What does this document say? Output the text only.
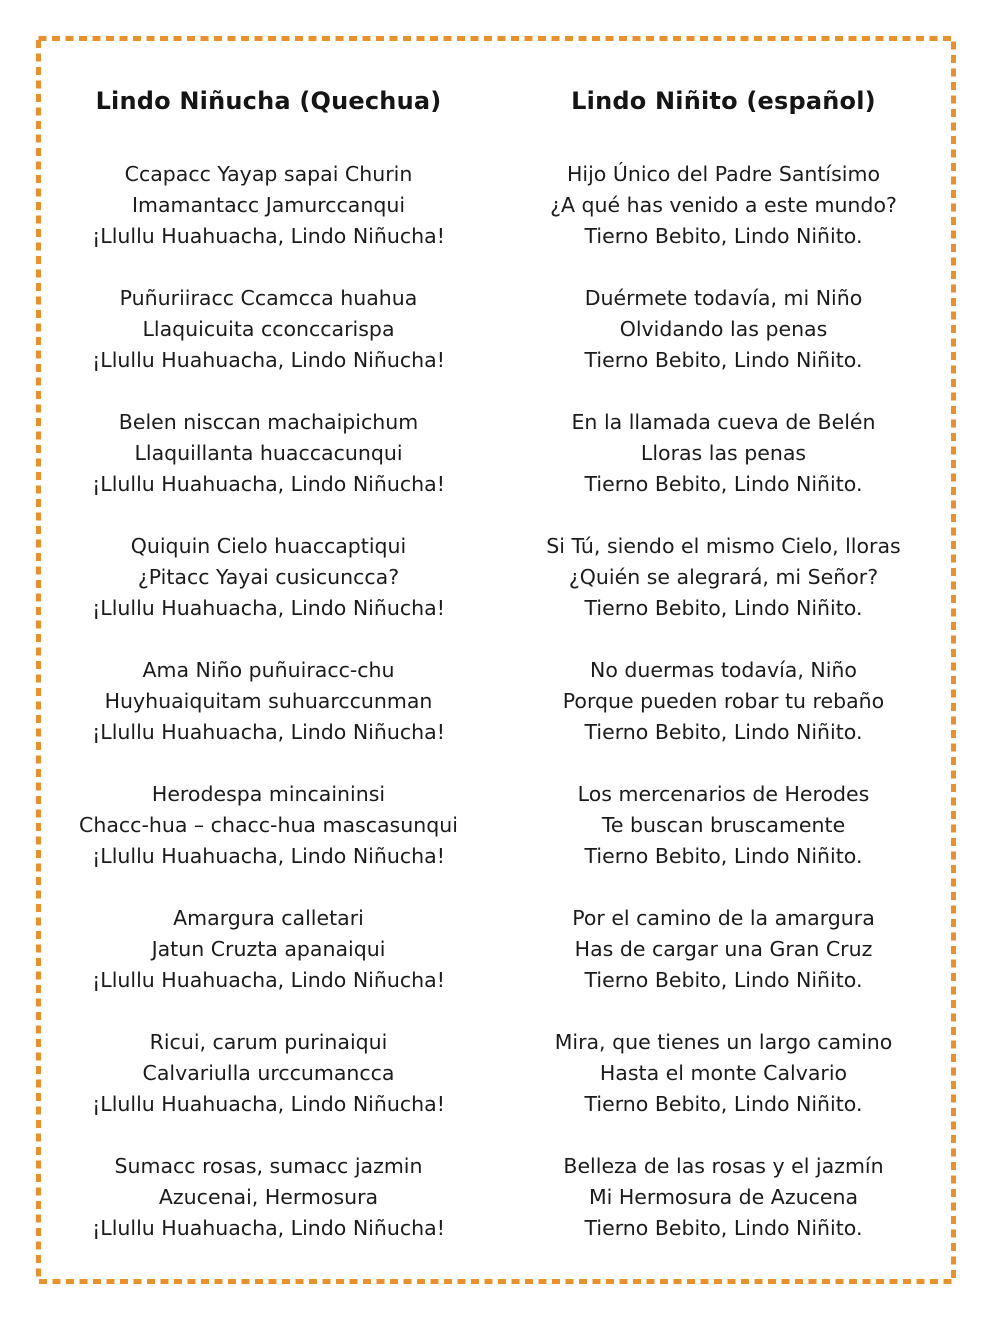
Lindo Niñucha (Quechua)
Ccapacc Yayap sapai Churin
Imamantacc Jamurccanqui
¡Llullu Huahuacha, Lindo Niñucha!
Puñuriiracc Ccamcca huahua
Llaquicuita cconccarispa
¡Llullu Huahuacha, Lindo Niñucha!
Belen nisccan machaipichum
Llaquillanta huaccacunqui
¡Llullu Huahuacha, Lindo Niñucha!
Quiquin Cielo huaccaptiqui
¿Pitacc Yayai cusicuncca?
¡Llullu Huahuacha, Lindo Niñucha!
Ama Niño puñuiracc-chu
Huyhuaiquitam suhuarccunman
¡Llullu Huahuacha, Lindo Niñucha!
Herodespa mincaininsi
Chacc-hua – chacc-hua mascasunqui
¡Llullu Huahuacha, Lindo Niñucha!
Amargura calletari
Jatun Cruzta apanaiqui
¡Llullu Huahuacha, Lindo Niñucha!
Ricui, carum purinaiqui
Calvariulla urccumancca
¡Llullu Huahuacha, Lindo Niñucha!
Sumacc rosas, sumacc jazmin
Azucenai, Hermosura
¡Llullu Huahuacha, Lindo Niñucha!
Lindo Niñito (español)
Hijo Único del Padre Santísimo
¿A qué has venido a este mundo?
Tierno Bebito, Lindo Niñito.
Duérmete todavía, mi Niño
Olvidando las penas
Tierno Bebito, Lindo Niñito.
En la llamada cueva de Belén
Lloras las penas
Tierno Bebito, Lindo Niñito.
Si Tú, siendo el mismo Cielo, lloras
¿Quién se alegrará, mi Señor?
Tierno Bebito, Lindo Niñito.
No duermas todavía, Niño
Porque pueden robar tu rebaño
Tierno Bebito, Lindo Niñito.
Los mercenarios de Herodes
Te buscan bruscamente
Tierno Bebito, Lindo Niñito.
Por el camino de la amargura
Has de cargar una Gran Cruz
Tierno Bebito, Lindo Niñito.
Mira, que tienes un largo camino
Hasta el monte Calvario
Tierno Bebito, Lindo Niñito.
Belleza de las rosas y el jazmín
Mi Hermosura de Azucena
Tierno Bebito, Lindo Niñito.
